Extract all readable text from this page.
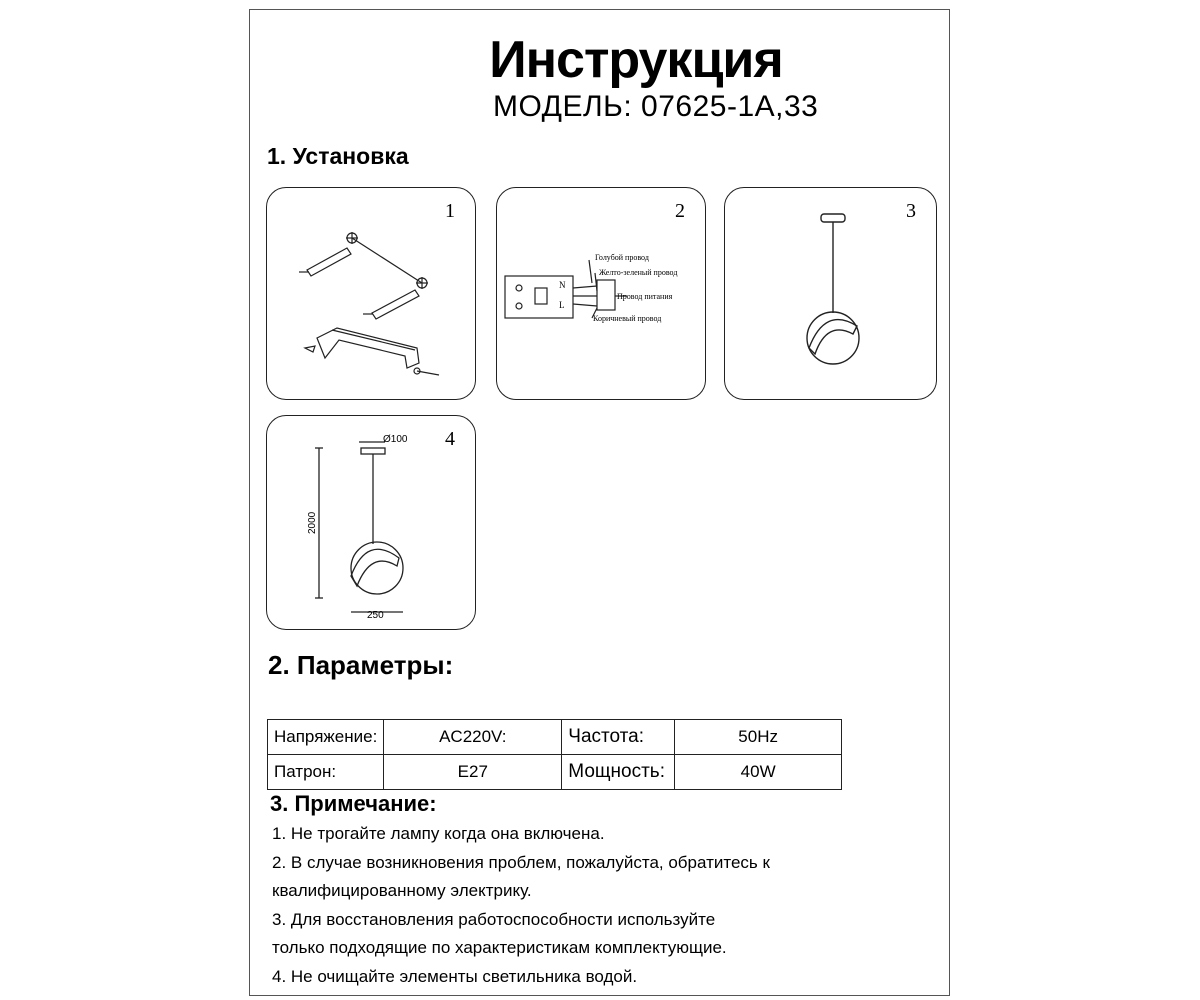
Инструкция
МОДЕЛЬ: 07625-1A,33
1. Установка
1	2
N
L
Голубой провод
Желто-зеленый провод
Провод питания
Коричневый провод
3
4
Ø100
2000
250
2. Параметры:
Напряжение:	AC220V:	Частота:	50Hz
Патрон:	E27	Мощность:	40W
3. Примечание:
1. Не трогайте лампу когда она включена.
2. В случае возникновения проблем, пожалуйста, обратитесь к
квалифицированному электрику.
3. Для восстановления работоспособности используйте
только подходящие по характеристикам комплектующие.
4. Не очищайте элементы светильника водой.
